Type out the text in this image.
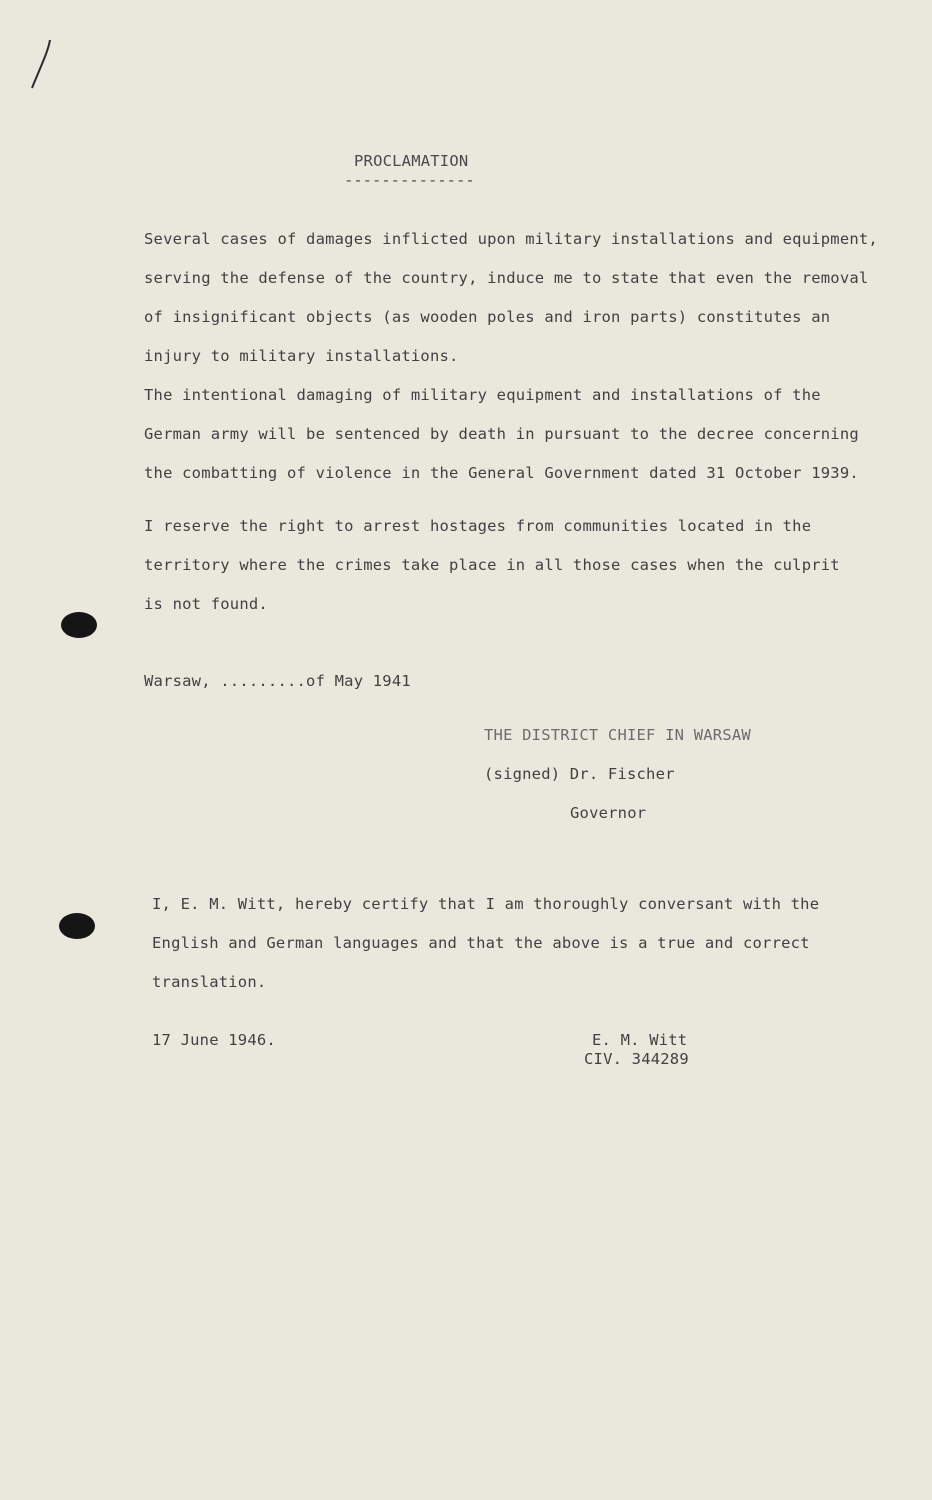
PROCLAMATION
--------------
Several cases of damages inflicted upon military installations and equipment,
serving the defense of the country, induce me to state that even the removal
of insignificant objects (as wooden poles and iron parts) constitutes an
injury to military installations.
The intentional damaging of military equipment and installations of the
German army will be sentenced by death in pursuant to the decree concerning
the combatting of violence in the General Government dated 31 October 1939.
I reserve the right to arrest hostages from communities located in the
territory where the crimes take place in all those cases when the culprit
is not found.
Warsaw, .........of May 1941
THE DISTRICT CHIEF IN WARSAW
(signed) Dr. Fischer
Governor
I, E. M. Witt, hereby certify that I am thoroughly conversant with the
English and German languages and that the above is a true and correct
translation.
17 June 1946.	E. M. Witt
CIV. 344289
